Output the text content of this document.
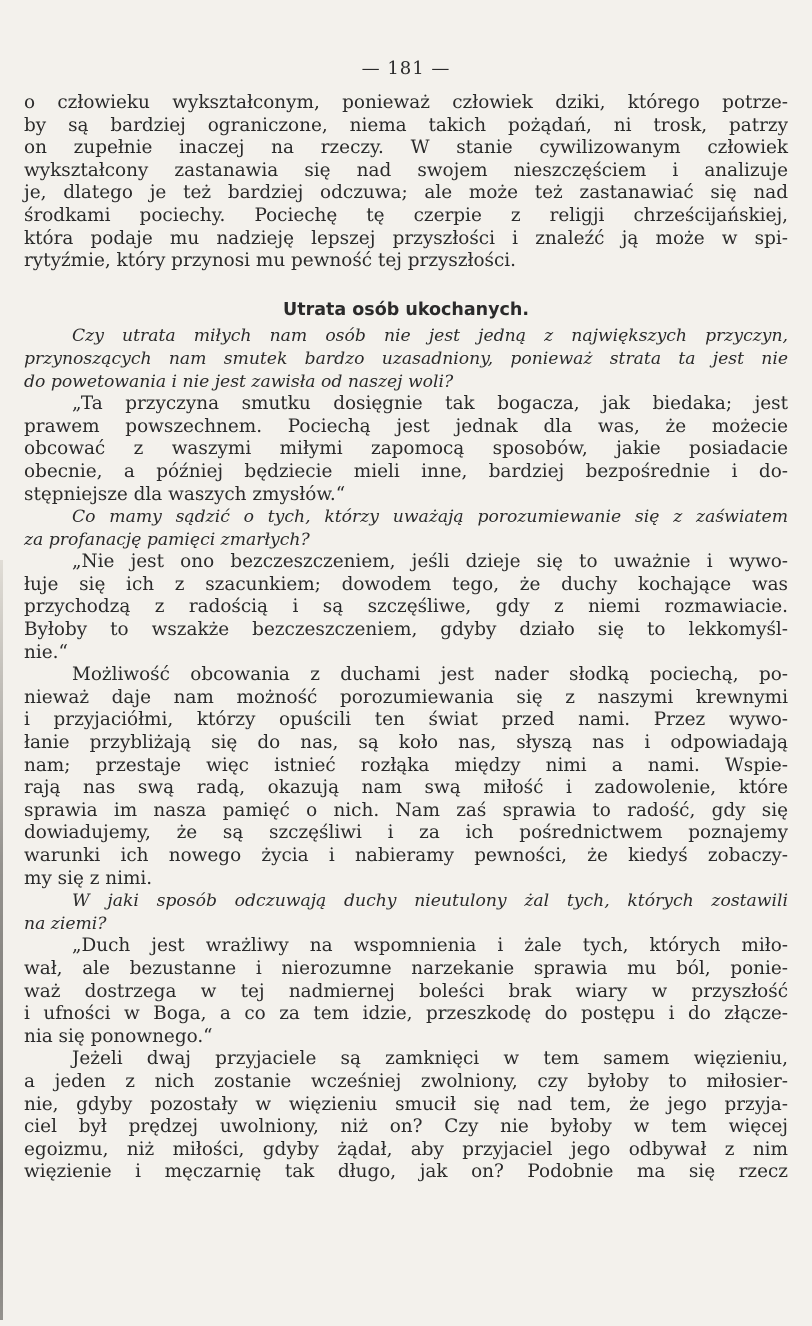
— 181 —
o człowieku wykształconym, ponieważ człowiek dziki, którego potrze-
by są bardziej ograniczone, niema takich pożądań, ni trosk, patrzy
on zupełnie inaczej na rzeczy. W stanie cywilizowanym człowiek
wykształcony zastanawia się nad swojem nieszczęściem i analizuje
je, dlatego je też bardziej odczuwa; ale może też zastanawiać się nad
środkami pociechy. Pociechę tę czerpie z religji chrześcijańskiej,
która podaje mu nadzieję lepszej przyszłości i znaleźć ją może w spi-
rytyźmie, który przynosi mu pewność tej przyszłości.
Utrata osób ukochanych.
Czy utrata miłych nam osób nie jest jedną z największych przyczyn,
przynoszących nam smutek bardzo uzasadniony, ponieważ strata ta jest nie
do powetowania i nie jest zawisła od naszej woli?
„Ta przyczyna smutku dosięgnie tak bogacza, jak biedaka; jest
prawem powszechnem. Pociechą jest jednak dla was, że możecie
obcować z waszymi miłymi zapomocą sposobów, jakie posiadacie
obecnie, a później będziecie mieli inne, bardziej bezpośrednie i do-
stępniejsze dla waszych zmysłów.“
Co mamy sądzić o tych, którzy uważają porozumiewanie się z zaświatem
za profanację pamięci zmarłych?
„Nie jest ono bezczeszczeniem, jeśli dzieje się to uważnie i wywo-
łuje się ich z szacunkiem; dowodem tego, że duchy kochające was
przychodzą z radością i są szczęśliwe, gdy z niemi rozmawiacie.
Byłoby to wszakże bezczeszczeniem, gdyby działo się to lekkomyśl-
nie.“
Możliwość obcowania z duchami jest nader słodką pociechą, po-
nieważ daje nam możność porozumiewania się z naszymi krewnymi
i przyjaciółmi, którzy opuścili ten świat przed nami. Przez wywo-
łanie przybliżają się do nas, są koło nas, słyszą nas i odpowiadają
nam; przestaje więc istnieć rozłąka między nimi a nami. Wspie-
rają nas swą radą, okazują nam swą miłość i zadowolenie, które
sprawia im nasza pamięć o nich. Nam zaś sprawia to radość, gdy się
dowiadujemy, że są szczęśliwi i za ich pośrednictwem poznajemy
warunki ich nowego życia i nabieramy pewności, że kiedyś zobaczy-
my się z nimi.
W jaki sposób odczuwają duchy nieutulony żal tych, których zostawili
na ziemi?
„Duch jest wrażliwy na wspomnienia i żale tych, których miło-
wał, ale bezustanne i nierozumne narzekanie sprawia mu ból, ponie-
waż dostrzega w tej nadmiernej boleści brak wiary w przyszłość
i ufności w Boga, a co za tem idzie, przeszkodę do postępu i do złącze-
nia się ponownego.“
Jeżeli dwaj przyjaciele są zamknięci w tem samem więzieniu,
a jeden z nich zostanie wcześniej zwolniony, czy byłoby to miłosier-
nie, gdyby pozostały w więzieniu smucił się nad tem, że jego przyja-
ciel był prędzej uwolniony, niż on? Czy nie byłoby w tem więcej
egoizmu, niż miłości, gdyby żądał, aby przyjaciel jego odbywał z nim
więzienie i męczarnię tak długo, jak on? Podobnie ma się rzecz
